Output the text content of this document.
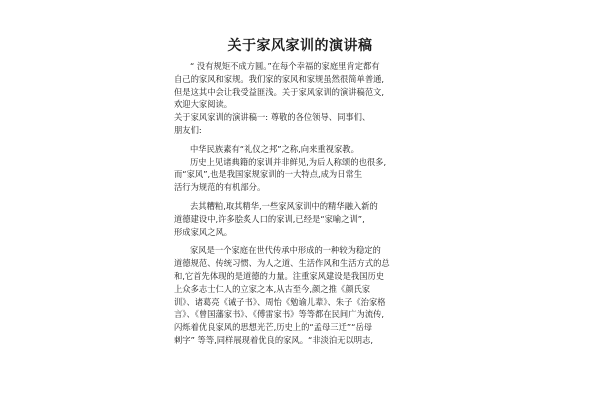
关于家风家训的演讲稿
“ 没有规矩不成方圆。”在每个幸福的家庭里肯定都有
自己的家风和家规。我们家的家风和家规虽然很简单普通,
但是这其中会让我受益匪浅。关于家风家训的演讲稿范文,
欢迎大家阅读。
关于家风家训的演讲稿一: 尊敬的各位领导、同事们、
朋友们:
中华民族素有“礼仪之邦”之称,向来重视家教。
历史上见诸典籍的家训并非鲜见,为后人称颂的也很多,
而“家风”,也是我国家规家训的一大特点,成为日常生
活行为规范的有机部分。
去其糟粕,取其精华,一些家风家训中的精华融入新的
道德建设中,许多脍炙人口的家训,已经是“家喻之训”,
形成家风之风。
家风是一个家庭在世代传承中形成的一种较为稳定的
道德规范、传统习惯、为人之道、生活作风和生活方式的总
和,它首先体现的是道德的力量。注重家风建设是我国历史
上众多志士仁人的立家之本,从古至今,颜之推《颜氏家
训》、诸葛亮《诫子书》、周怡《勉谕儿辈》、朱子《治家格
言》、《曾国藩家书》、《傅雷家书》等等都在民间广为流传,
闪烁着优良家风的思想光芒,历史上的“孟母三迁”“岳母
刺字” 等等,同样展现着优良的家风。“非淡泊无以明志,
